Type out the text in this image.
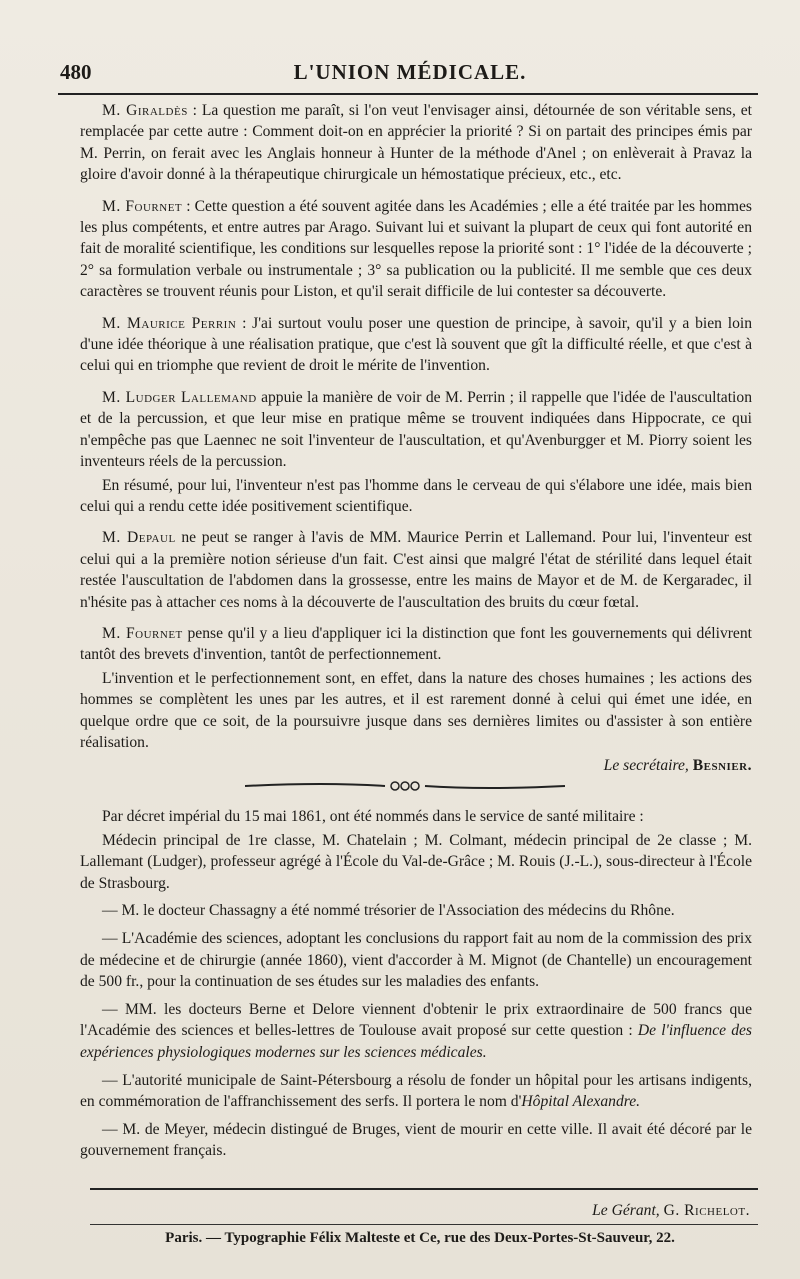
480	L'UNION MÉDICALE.

M. Giraldès : La question me paraît, si l'on veut l'envisager ainsi, détournée de son véritable sens, et remplacée par cette autre : Comment doit-on en apprécier la priorité ? Si on partait des principes émis par M. Perrin, on ferait avec les Anglais honneur à Hunter de la méthode d'Anel ; on enlèverait à Pravaz la gloire d'avoir donné à la thérapeutique chirurgicale un hémostatique précieux, etc., etc.

M. Fournet : Cette question a été souvent agitée dans les Académies ; elle a été traitée par les hommes les plus compétents, et entre autres par Arago. Suivant lui et suivant la plupart de ceux qui font autorité en fait de moralité scientifique, les conditions sur lesquelles repose la priorité sont : 1° l'idée de la découverte ; 2° sa formulation verbale ou instrumentale ; 3° sa publication ou la publicité. Il me semble que ces deux caractères se trouvent réunis pour Liston, et qu'il serait difficile de lui contester sa découverte.

M. Maurice Perrin : J'ai surtout voulu poser une question de principe, à savoir, qu'il y a bien loin d'une idée théorique à une réalisation pratique, que c'est là souvent que gît la difficulté réelle, et que c'est à celui qui en triomphe que revient de droit le mérite de l'invention.

M. Ludger Lallemand appuie la manière de voir de M. Perrin ; il rappelle que l'idée de l'auscultation et de la percussion, et que leur mise en pratique même se trouvent indiquées dans Hippocrate, ce qui n'empêche pas que Laennec ne soit l'inventeur de l'auscultation, et qu'Avenburgger et M. Piorry soient les inventeurs réels de la percussion.

En résumé, pour lui, l'inventeur n'est pas l'homme dans le cerveau de qui s'élabore une idée, mais bien celui qui a rendu cette idée positivement scientifique.

M. Depaul ne peut se ranger à l'avis de MM. Maurice Perrin et Lallemand. Pour lui, l'inventeur est celui qui a la première notion sérieuse d'un fait. C'est ainsi que malgré l'état de stérilité dans lequel était restée l'auscultation de l'abdomen dans la grossesse, entre les mains de Mayor et de M. de Kergaradec, il n'hésite pas à attacher ces noms à la découverte de l'auscultation des bruits du cœur fœtal.

M. Fournet pense qu'il y a lieu d'appliquer ici la distinction que font les gouvernements qui délivrent tantôt des brevets d'invention, tantôt de perfectionnement.

L'invention et le perfectionnement sont, en effet, dans la nature des choses humaines ; les actions des hommes se complètent les unes par les autres, et il est rarement donné à celui qui émet une idée, en quelque ordre que ce soit, de la poursuivre jusque dans ses dernières limites ou d'assister à son entière réalisation.

Le secrétaire, Besnier.

Par décret impérial du 15 mai 1861, ont été nommés dans le service de santé militaire :

Médecin principal de 1re classe, M. Chatelain ; M. Colmant, médecin principal de 2e classe ; M. Lallemant (Ludger), professeur agrégé à l'École du Val-de-Grâce ; M. Rouis (J.-L.), sous-directeur à l'École de Strasbourg.

— M. le docteur Chassagny a été nommé trésorier de l'Association des médecins du Rhône.

— L'Académie des sciences, adoptant les conclusions du rapport fait au nom de la commission des prix de médecine et de chirurgie (année 1860), vient d'accorder à M. Mignot (de Chantelle) un encouragement de 500 fr., pour la continuation de ses études sur les maladies des enfants.

— MM. les docteurs Berne et Delore viennent d'obtenir le prix extraordinaire de 500 francs que l'Académie des sciences et belles-lettres de Toulouse avait proposé sur cette question : De l'influence des expériences physiologiques modernes sur les sciences médicales.

— L'autorité municipale de Saint-Pétersbourg a résolu de fonder un hôpital pour les artisans indigents, en commémoration de l'affranchissement des serfs. Il portera le nom d'Hôpital Alexandre.

— M. de Meyer, médecin distingué de Bruges, vient de mourir en cette ville. Il avait été décoré par le gouvernement français.

Le Gérant, G. Richelot.
Paris. — Typographie Félix Malteste et Ce, rue des Deux-Portes-St-Sauveur, 22.
